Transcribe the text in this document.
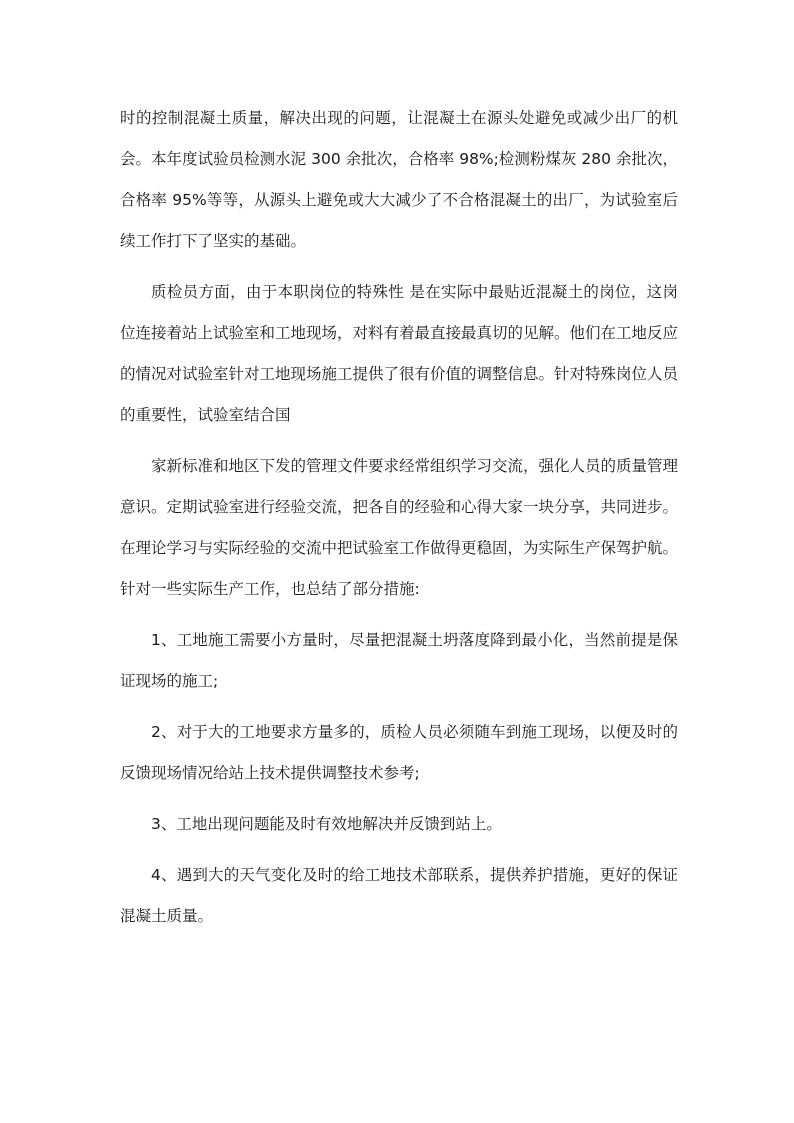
时的控制混凝土质量，解决出现的问题，让混凝土在源头处避免或减少出厂的机会。本年度试验员检测水泥 300 余批次，合格率 98%;检测粉煤灰 280 余批次，合格率 95%等等，从源头上避免或大大减少了不合格混凝土的出厂，为试验室后续工作打下了坚实的基础。

质检员方面，由于本职岗位的特殊性 是在实际中最贴近混凝土的岗位，这岗位连接着站上试验室和工地现场，对料有着最直接最真切的见解。他们在工地反应的情况对试验室针对工地现场施工提供了很有价值的调整信息。针对特殊岗位人员的重要性，试验室结合国

家新标准和地区下发的管理文件要求经常组织学习交流，强化人员的质量管理意识。定期试验室进行经验交流，把各自的经验和心得大家一块分享，共同进步。在理论学习与实际经验的交流中把试验室工作做得更稳固，为实际生产保驾护航。针对一些实际生产工作，也总结了部分措施:

1、工地施工需要小方量时，尽量把混凝土坍落度降到最小化，当然前提是保证现场的施工;

2、对于大的工地要求方量多的，质检人员必须随车到施工现场，以便及时的反馈现场情况给站上技术提供调整技术参考;

3、工地出现问题能及时有效地解决并反馈到站上。

4、遇到大的天气变化及时的给工地技术部联系，提供养护措施，更好的保证混凝土质量。
